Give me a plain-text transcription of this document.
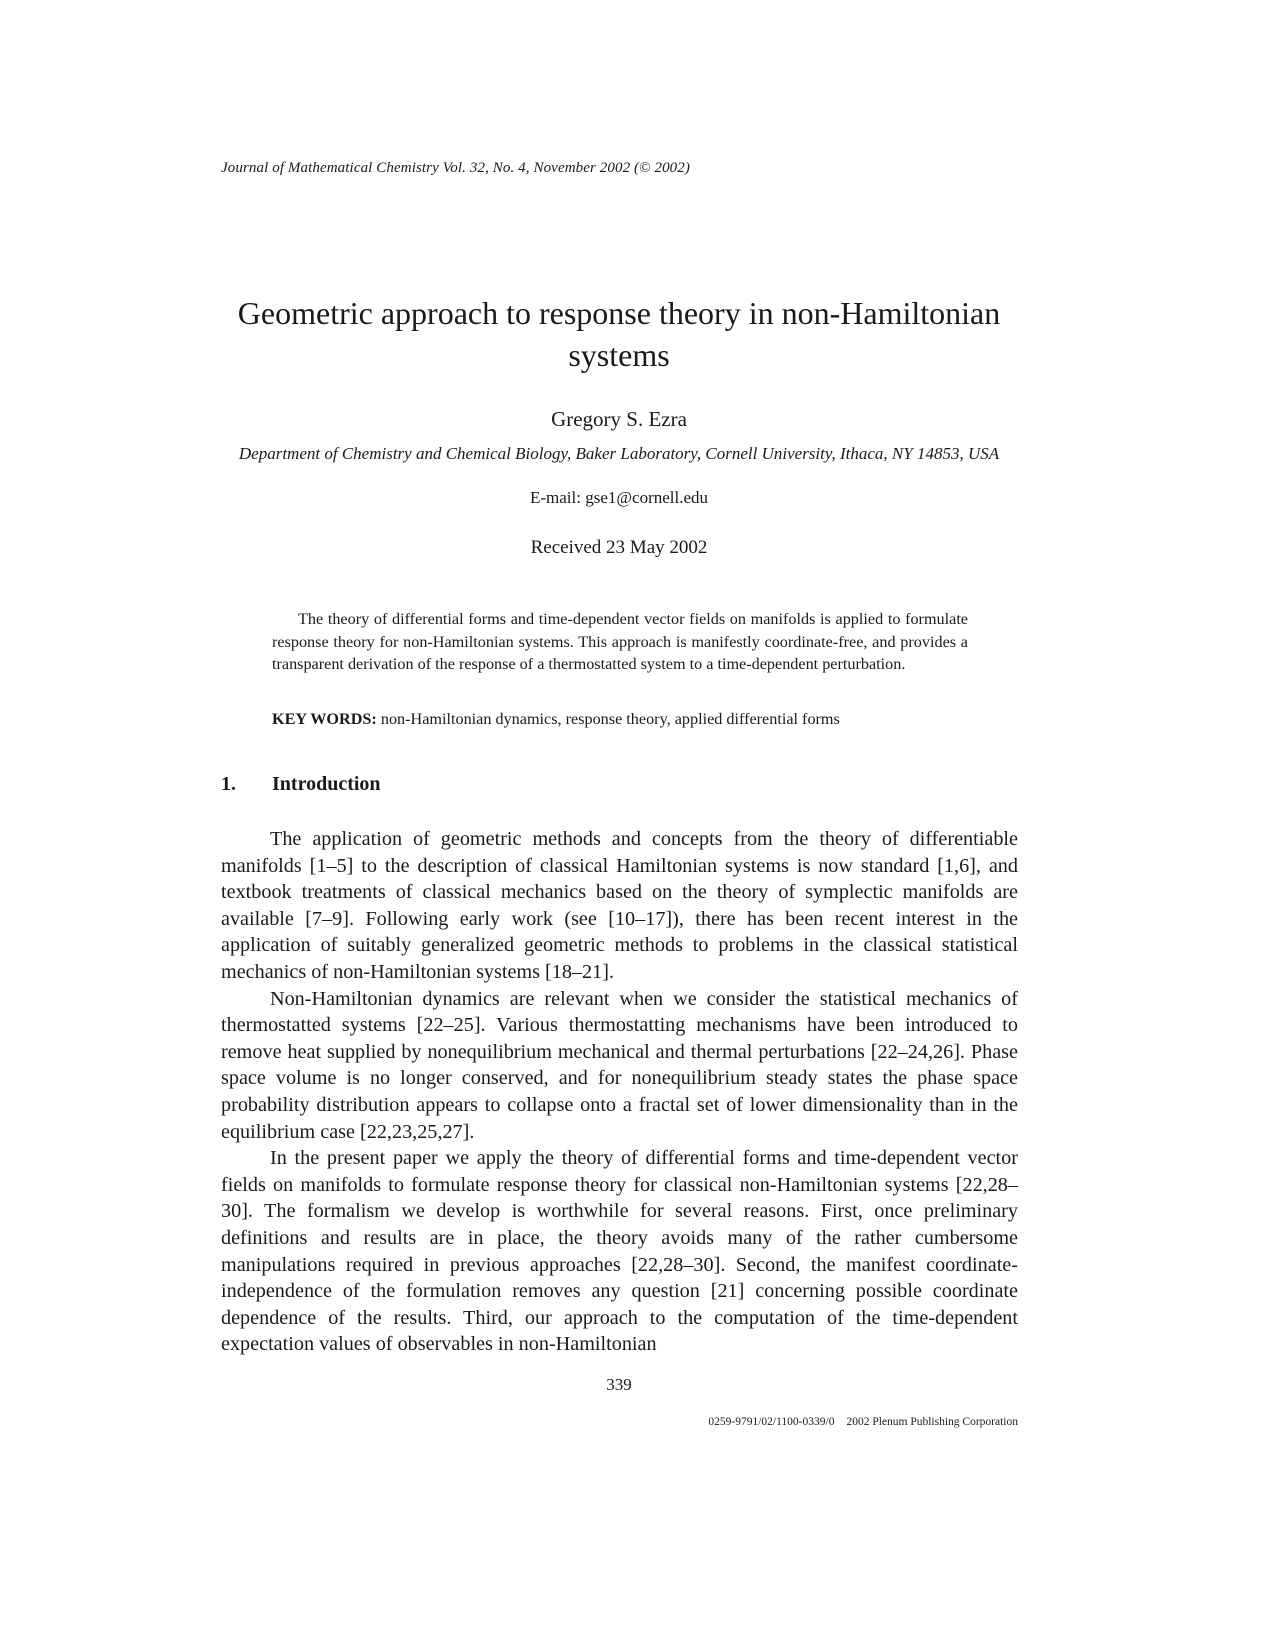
Journal of Mathematical Chemistry Vol. 32, No. 4, November 2002 (© 2002)
Geometric approach to response theory in non-Hamiltonian systems
Gregory S. Ezra
Department of Chemistry and Chemical Biology, Baker Laboratory, Cornell University, Ithaca, NY 14853, USA
E-mail: gse1@cornell.edu
Received 23 May 2002
The theory of differential forms and time-dependent vector fields on manifolds is applied to formulate response theory for non-Hamiltonian systems. This approach is manifestly coordinate-free, and provides a transparent derivation of the response of a thermostatted system to a time-dependent perturbation.
KEY WORDS: non-Hamiltonian dynamics, response theory, applied differential forms
1. Introduction

The application of geometric methods and concepts from the theory of differentiable manifolds [1–5] to the description of classical Hamiltonian systems is now standard [1,6], and textbook treatments of classical mechanics based on the theory of symplectic manifolds are available [7–9]. Following early work (see [10–17]), there has been recent interest in the application of suitably generalized geometric methods to problems in the classical statistical mechanics of non-Hamiltonian systems [18–21].

Non-Hamiltonian dynamics are relevant when we consider the statistical mechanics of thermostatted systems [22–25]. Various thermostatting mechanisms have been introduced to remove heat supplied by nonequilibrium mechanical and thermal perturbations [22–24,26]. Phase space volume is no longer conserved, and for nonequilibrium steady states the phase space probability distribution appears to collapse onto a fractal set of lower dimensionality than in the equilibrium case [22,23,25,27].

In the present paper we apply the theory of differential forms and time-dependent vector fields on manifolds to formulate response theory for classical non-Hamiltonian systems [22,28–30]. The formalism we develop is worthwhile for several reasons. First, once preliminary definitions and results are in place, the theory avoids many of the rather cumbersome manipulations required in previous approaches [22,28–30]. Second, the manifest coordinate-independence of the formulation removes any question [21] concerning possible coordinate dependence of the results. Third, our approach to the computation of the time-dependent expectation values of observables in non-Hamiltonian

339
0259-9791/02/1100-0339/0 2002 Plenum Publishing Corporation
